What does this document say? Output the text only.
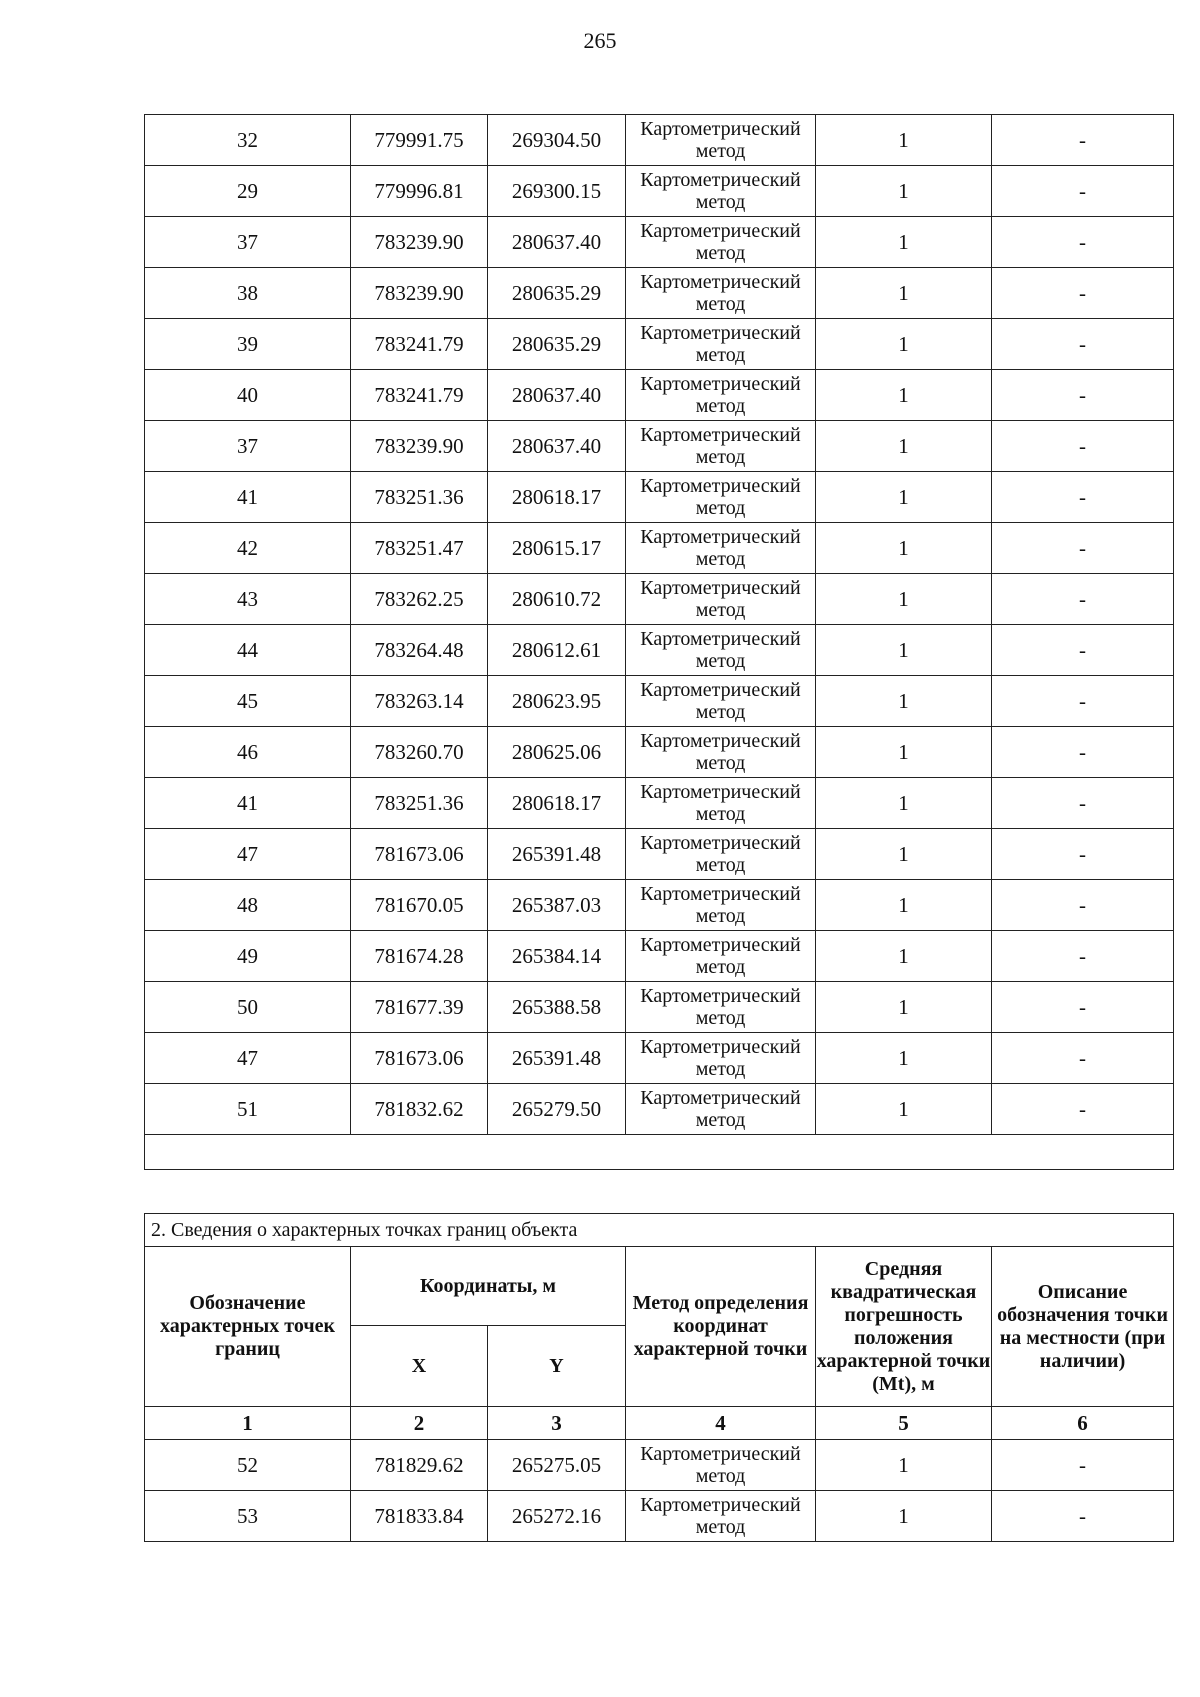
265
32	779991.75	269304.50	Картометрический метод	1	-
29	779996.81	269300.15	Картометрический метод	1	-
37	783239.90	280637.40	Картометрический метод	1	-
38	783239.90	280635.29	Картометрический метод	1	-
39	783241.79	280635.29	Картометрический метод	1	-
40	783241.79	280637.40	Картометрический метод	1	-
37	783239.90	280637.40	Картометрический метод	1	-
41	783251.36	280618.17	Картометрический метод	1	-
42	783251.47	280615.17	Картометрический метод	1	-
43	783262.25	280610.72	Картометрический метод	1	-
44	783264.48	280612.61	Картометрический метод	1	-
45	783263.14	280623.95	Картометрический метод	1	-
46	783260.70	280625.06	Картометрический метод	1	-
41	783251.36	280618.17	Картометрический метод	1	-
47	781673.06	265391.48	Картометрический метод	1	-
48	781670.05	265387.03	Картометрический метод	1	-
49	781674.28	265384.14	Картометрический метод	1	-
50	781677.39	265388.58	Картометрический метод	1	-
47	781673.06	265391.48	Картометрический метод	1	-
51	781832.62	265279.50	Картометрический метод	1	-

2. Сведения о характерных точках границ объекта					
Обозначение характерных точек границ	Координаты, м		Метод определения координат характерной точки	Средняя квадратическая погрешность положения характерной точки (Mt), м	Описание обозначения точки на местности (при наличии)
	X	Y			
1	2	3	4	5	6
52	781829.62	265275.05	Картометрический метод	1	-
53	781833.84	265272.16	Картометрический метод	1	-
